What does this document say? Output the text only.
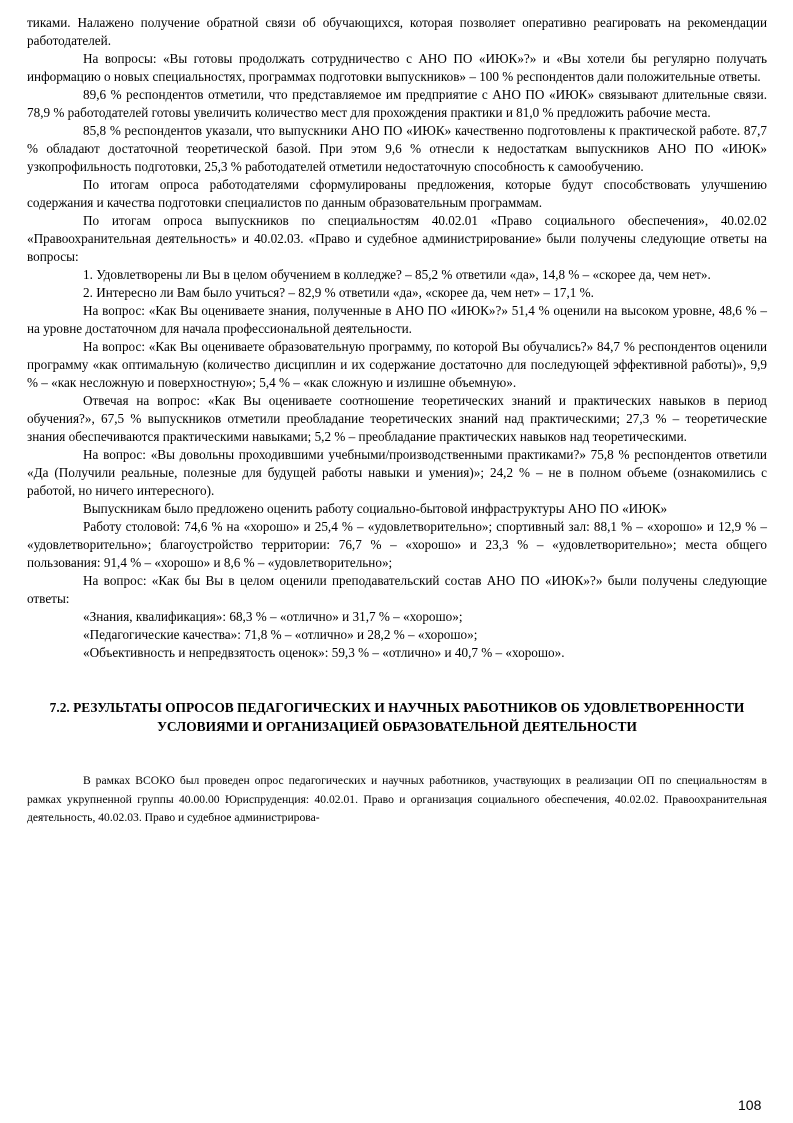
тиками. Налажено получение обратной связи об обучающихся, которая позволяет оперативно реагировать на рекомендации работодателей.

На вопросы: «Вы готовы продолжать сотрудничество с АНО ПО «ИЮК»?» и «Вы хотели бы регулярно получать информацию о новых специальностях, программах подготовки выпускников» – 100 % респондентов дали положительные ответы.

89,6 % респондентов отметили, что представляемое им предприятие с АНО ПО «ИЮК» связывают длительные связи. 78,9 % работодателей готовы увеличить количество мест для прохождения практики и 81,0 % предложить рабочие места.

85,8 % респондентов указали, что выпускники АНО ПО «ИЮК» качественно подготовлены к практической работе. 87,7 % обладают достаточной теоретической базой. При этом 9,6 % отнесли к недостаткам выпускников АНО ПО «ИЮК» узкопрофильность подготовки, 25,3 % работодателей отметили недостаточную способность к самообучению.

По итогам опроса работодателями сформулированы предложения, которые будут способствовать улучшению содержания и качества подготовки специалистов по данным образовательным программам.

По итогам опроса выпускников по специальностям 40.02.01 «Право социального обеспечения», 40.02.02 «Правоохранительная деятельность» и 40.02.03. «Право и судебное администрирование» были получены следующие ответы на вопросы:

1. Удовлетворены ли Вы в целом обучением в колледже? – 85,2 % ответили «да», 14,8 % – «скорее да, чем нет».

2. Интересно ли Вам было учиться? – 82,9 % ответили «да», «скорее да, чем нет» – 17,1 %.

На вопрос: «Как Вы оцениваете знания, полученные в АНО ПО «ИЮК»?» 51,4 % оценили на высоком уровне, 48,6 % – на уровне достаточном для начала профессиональной деятельности.

На вопрос: «Как Вы оцениваете образовательную программу, по которой Вы обучались?» 84,7 % респондентов оценили программу «как оптимальную (количество дисциплин и их содержание достаточно для последующей эффективной работы)», 9,9 % – «как несложную и поверхностную»; 5,4 % – «как сложную и излишне объемную».

Отвечая на вопрос: «Как Вы оцениваете соотношение теоретических знаний и практических навыков в период обучения?», 67,5 % выпускников отметили преобладание теоретических знаний над практическими; 27,3 % – теоретические знания обеспечиваются практическими навыками; 5,2 % – преобладание практических навыков над теоретическими.

На вопрос: «Вы довольны проходившими учебными/производственными практиками?» 75,8 % респондентов ответили «Да (Получили реальные, полезные для будущей работы навыки и умения)»; 24,2 % – не в полном объеме (ознакомились с работой, но ничего интересного).

Выпускникам было предложено оценить работу социально-бытовой инфраструктуры АНО ПО «ИЮК»

Работу столовой: 74,6 % на «хорошо» и 25,4 % – «удовлетворительно»; спортивный зал: 88,1 % – «хорошо» и 12,9 % – «удовлетворительно»; благоустройство территории: 76,7 % – «хорошо» и 23,3 % – «удовлетворительно»; места общего пользования: 91,4 % – «хорошо» и 8,6 % – «удовлетворительно»;

На вопрос: «Как бы Вы в целом оценили преподавательский состав АНО ПО «ИЮК»?» были получены следующие ответы:

«Знания, квалификация»: 68,3 % – «отлично» и 31,7 % – «хорошо»;

«Педагогические качества»: 71,8 % – «отлично» и 28,2 % – «хорошо»;

«Объективность и непредвзятость оценок»: 59,3 % – «отлично» и 40,7 % – «хорошо».

7.2. РЕЗУЛЬТАТЫ ОПРОСОВ ПЕДАГОГИЧЕСКИХ И НАУЧНЫХ РАБОТНИКОВ ОБ УДОВЛЕТВОРЕННОСТИ УСЛОВИЯМИ И ОРГАНИЗАЦИЕЙ ОБРАЗОВАТЕЛЬНОЙ ДЕЯТЕЛЬНОСТИ

В рамках ВСОКО был проведен опрос педагогических и научных работников, участвующих в реализации ОП по специальностям в рамках укрупненной группы 40.00.00 Юриспруденция: 40.02.01. Право и организация социального обеспечения, 40.02.02. Правоохранительная деятельность, 40.02.03. Право и судебное администрирова-

108
